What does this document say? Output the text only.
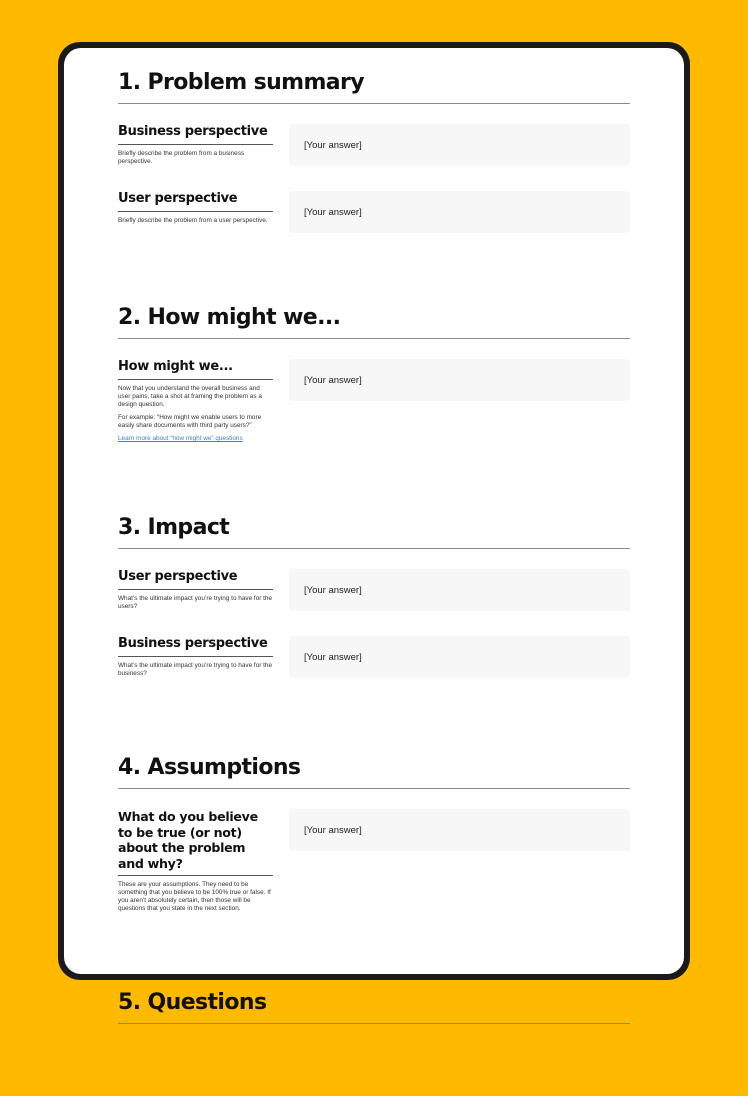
1. Problem summary
Business perspective

Briefly describe the problem from a business perspective.

[Your answer]
User perspective

Briefly describe the problem from a user perspective.

[Your answer]
2. How might we...
How might we...

Now that you understand the overall business and user pains, take a shot at framing the problem as a design question.

For example: “How might we enable users to more easily share documents with third party users?”

Learn more about “how might we” questions
[Your answer]
3. Impact
User perspective

What’s the ultimate impact you’re trying to have for the users?

[Your answer]
Business perspective

What’s the ultimate impact you’re trying to have for the business?

[Your answer]
4. Assumptions
What do you believe to be true (or not) about the problem and why?

These are your assumptions. They need to be something that you believe to be 100% true or false. If you aren’t absolutely certain, then those will be questions that you state in the next section.

[Your answer]
5. Questions
